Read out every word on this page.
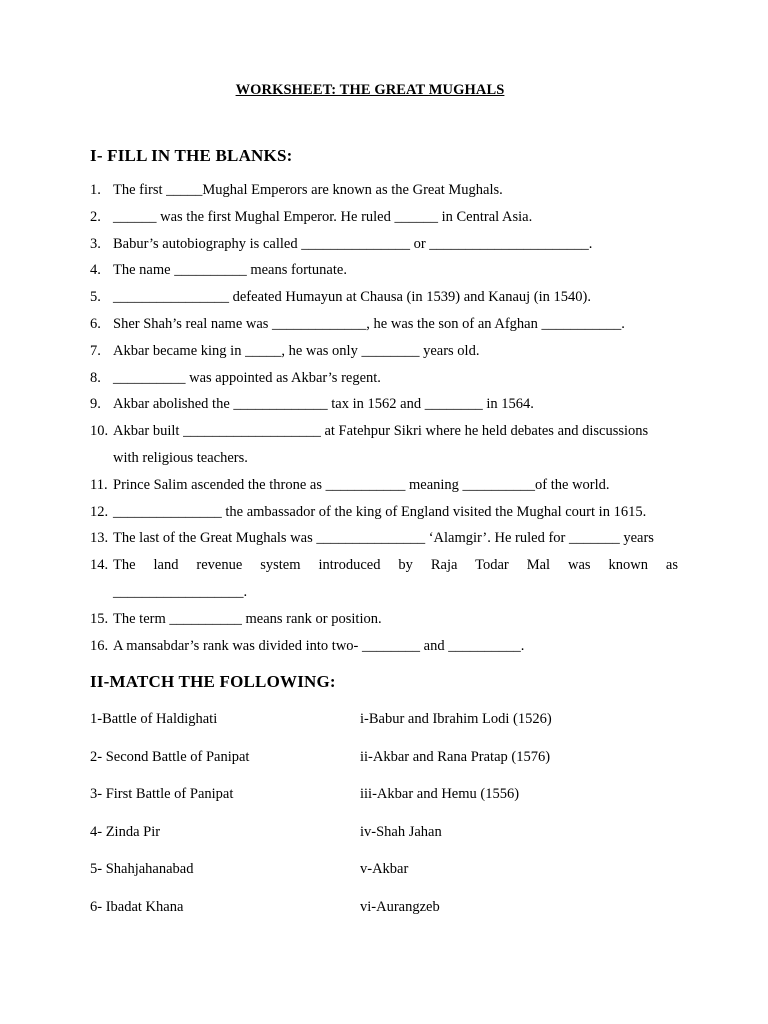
WORKSHEET: THE GREAT MUGHALS
I- FILL IN THE BLANKS:
1. The first _____Mughal Emperors are known as the Great Mughals.
2. ______ was the first Mughal Emperor. He ruled ______ in Central Asia.
3. Babur’s autobiography is called _______________ or ______________________.
4. The name __________ means fortunate.
5. ________________ defeated Humayun at Chausa (in 1539) and Kanauj (in 1540).
6. Sher Shah’s real name was _____________, he was the son of an Afghan ___________.
7. Akbar became king in _____, he was only ________ years old.
8. __________ was appointed as Akbar’s regent.
9. Akbar abolished the _____________ tax in 1562 and ________ in 1564.
10. Akbar built ___________________ at Fatehpur Sikri where he held debates and discussions
with religious teachers.
11. Prince Salim ascended the throne as ___________ meaning __________of the world.
12. _______________ the ambassador of the king of England visited the Mughal court in 1615.
13. The last of the Great Mughals was _______________ ‘Alamgir’. He ruled for _______ years
14. The land revenue system introduced by Raja Todar Mal was known as
__________________.
15. The term __________ means rank or position.
16. A mansabdar’s rank was divided into two- ________ and __________.
II-MATCH THE FOLLOWING:
1-Battle of Haldighati	i-Babur and Ibrahim Lodi (1526)
2- Second Battle of Panipat	ii-Akbar and Rana Pratap (1576)
3- First Battle of Panipat	iii-Akbar and Hemu (1556)
4- Zinda Pir	iv-Shah Jahan
5- Shahjahanabad	v-Akbar
6- Ibadat Khana	vi-Aurangzeb
